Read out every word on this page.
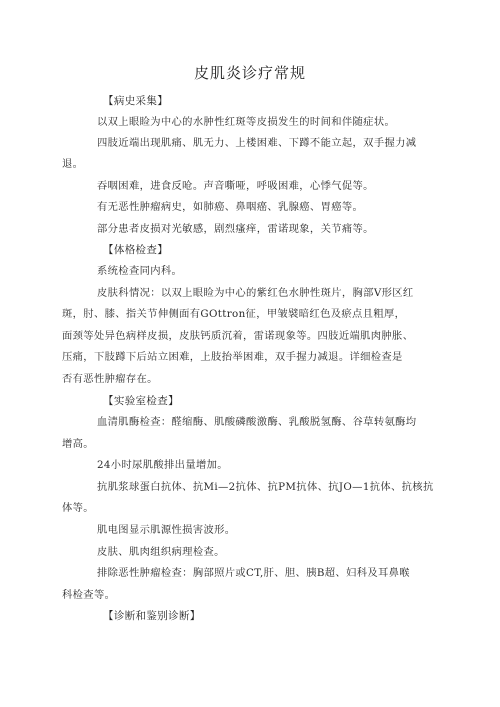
皮肌炎诊疗常规
【病史采集】
以双上眼睑为中心的水肿性红斑等皮损发生的时间和伴随症状。
四肢近端出现肌痛、肌无力、上楼困难、下蹲不能立起，双手握力减
退。
吞咽困难，进食反呛。声音嘶哑，呼吸困难，心悸气促等。
有无恶性肿瘤病史，如肺癌、鼻咽癌、乳腺癌、胃癌等。
部分患者皮损对光敏感，剧烈瘙痒，雷诺现象，关节痛等。
【体格检查】
系统检查同内科。
皮肤科情况：以双上眼睑为中心的紫红色水肿性斑片，胸部V形区红
斑，肘、膝、指关节伸侧面有GOttron征，甲皱襞暗红色及瘀点且粗厚，
面颈等处异色病样皮损，皮肤钙质沉着，雷诺现象等。四肢近端肌肉肿胀、
压痛，下肢蹲下后站立困难，上肢抬举困难，双手握力减退。详细检查是
否有恶性肿瘤存在。
【实验室检查】
血清肌酶检查：醛缩酶、肌酸磷酸激酶、乳酸脱氢酶、谷草转氨酶均
增高。
24小时尿肌酸排出量增加。
抗肌浆球蛋白抗体、抗Mi—2抗体、抗PM抗体、抗JO—1抗体、抗核抗
体等。
肌电图显示肌源性损害波形。
皮肤、肌肉组织病理检查。
排除恶性肿瘤检查：胸部照片或CT,肝、胆、胰B超、妇科及耳鼻喉
科检查等。
【诊断和鉴别诊断】
